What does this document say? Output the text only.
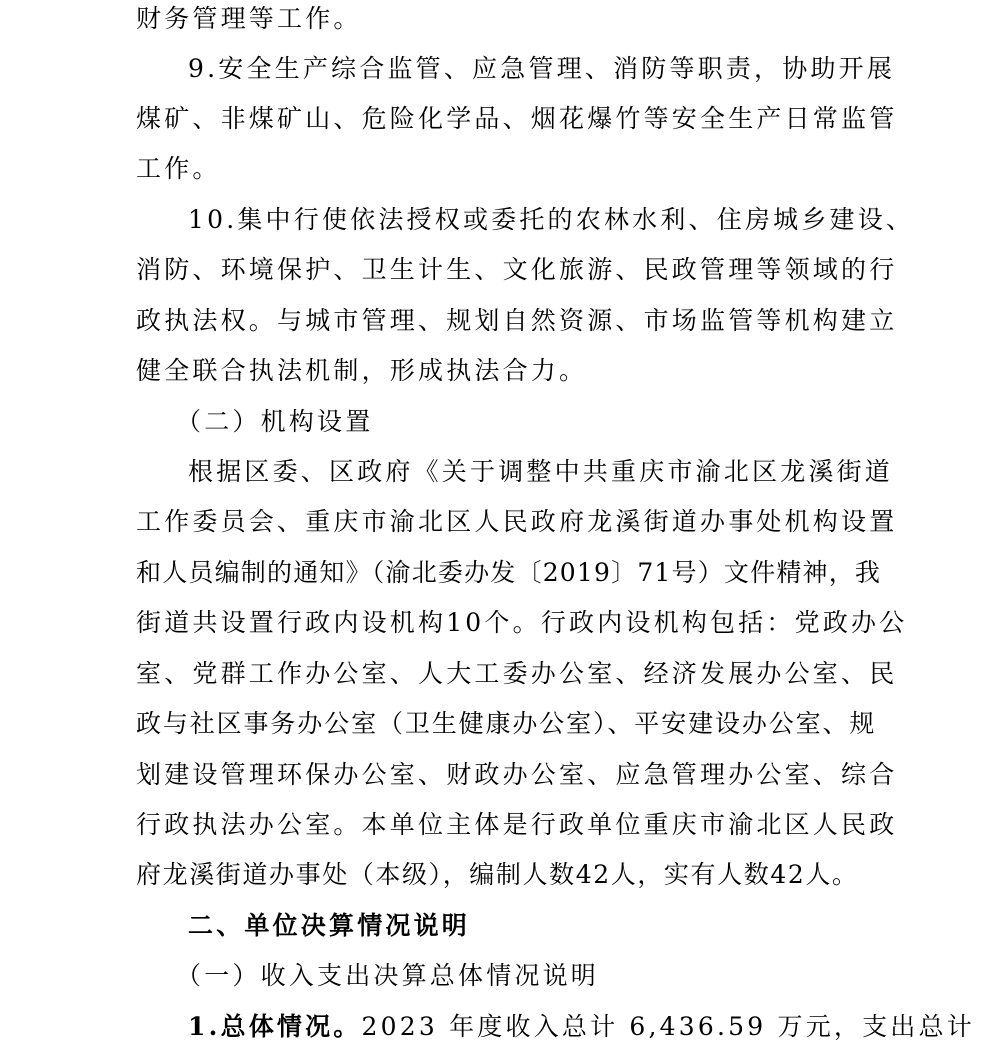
财务管理等工作。
9.安全生产综合监管、应急管理、消防等职责，协助开展
煤矿、非煤矿山、危险化学品、烟花爆竹等安全生产日常监管
工作。
10.集中行使依法授权或委托的农林水利、住房城乡建设、
消防、环境保护、卫生计生、文化旅游、民政管理等领域的行
政执法权。与城市管理、规划自然资源、市场监管等机构建立
健全联合执法机制，形成执法合力。
（二）机构设置
根据区委、区政府《关于调整中共重庆市渝北区龙溪街道
工作委员会、重庆市渝北区人民政府龙溪街道办事处机构设置
和人员编制的通知》（渝北委办发〔2019〕71号）文件精神，我
街道共设置行政内设机构10个。行政内设机构包括：党政办公
室、党群工作办公室、人大工委办公室、经济发展办公室、民
政与社区事务办公室（卫生健康办公室）、平安建设办公室、规
划建设管理环保办公室、财政办公室、应急管理办公室、综合
行政执法办公室。本单位主体是行政单位重庆市渝北区人民政
府龙溪街道办事处（本级），编制人数42人，实有人数42人。
二、单位决算情况说明
（一）收入支出决算总体情况说明
1.总体情况。2023 年度收入总计 6,436.59 万元，支出总计
